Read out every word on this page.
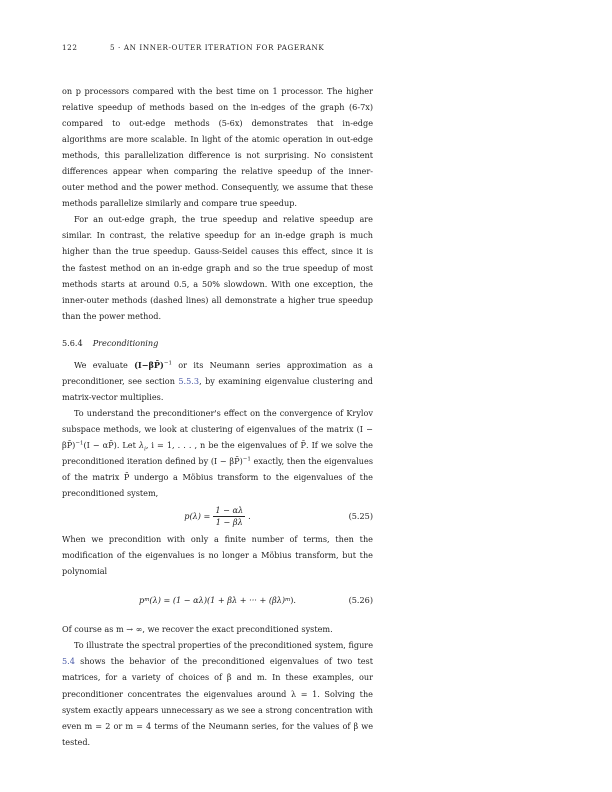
122	5 · AN INNER-OUTER ITERATION FOR PAGERANK

on p processors compared with the best time on 1 processor. The higher relative speedup of methods based on the in-edges of the graph (6-7x) compared to out-edge methods (5-6x) demonstrates that in-edge algorithms are more scalable. In light of the atomic operation in out-edge methods, this parallelization difference is not surprising. No consistent differences appear when comparing the relative speedup of the inner-outer method and the power method. Consequently, we assume that these methods parallelize similarly and compare true speedup.

For an out-edge graph, the true speedup and relative speedup are similar. In contrast, the relative speedup for an in-edge graph is much higher than the true speedup. Gauss-Seidel causes this effect, since it is the fastest method on an in-edge graph and so the true speedup of most methods starts at around 0.5, a 50% slowdown. With one exception, the inner-outer methods (dashed lines) all demonstrate a higher true speedup than the power method.

5.6.4 Preconditioning

We evaluate (I−βP̄)$^{-1}$ or its Neumann series approximation as a preconditioner, see section 5.5.3, by examining eigenvalue clustering and matrix-vector multiplies.

To understand the preconditioner's effect on the convergence of Krylov subspace methods, we look at clustering of eigenvalues of the matrix (I − βP̄)$^{-1}$(I − αP̄). Let $\lambda_i$, i = 1, . . . , n be the eigenvalues of P̄. If we solve the preconditioned iteration defined by (I − βP̄)$^{-1}$ exactly, then the eigenvalues of the matrix P̄ undergo a Möbius transform to the eigenvalues of the preconditioned system,

$p(\lambda) = \frac{1 - \alpha\lambda}{1 - \beta\lambda}$ .	(5.25)

When we precondition with only a finite number of terms, then the modification of the eigenvalues is no longer a Möbius transform, but the polynomial

p m (λ) = (1 − αλ)(1 + βλ + ··· + (βλ) m ).	(5.26)

Of course as m → ∞, we recover the exact preconditioned system.

To illustrate the spectral properties of the preconditioned system, figure 5.4 shows the behavior of the preconditioned eigenvalues of two test matrices, for a variety of choices of β and m. In these examples, our preconditioner concentrates the eigenvalues around λ = 1. Solving the system exactly appears unnecessary as we see a strong concentration with even m = 2 or m = 4 terms of the Neumann series, for the values of β we tested.
